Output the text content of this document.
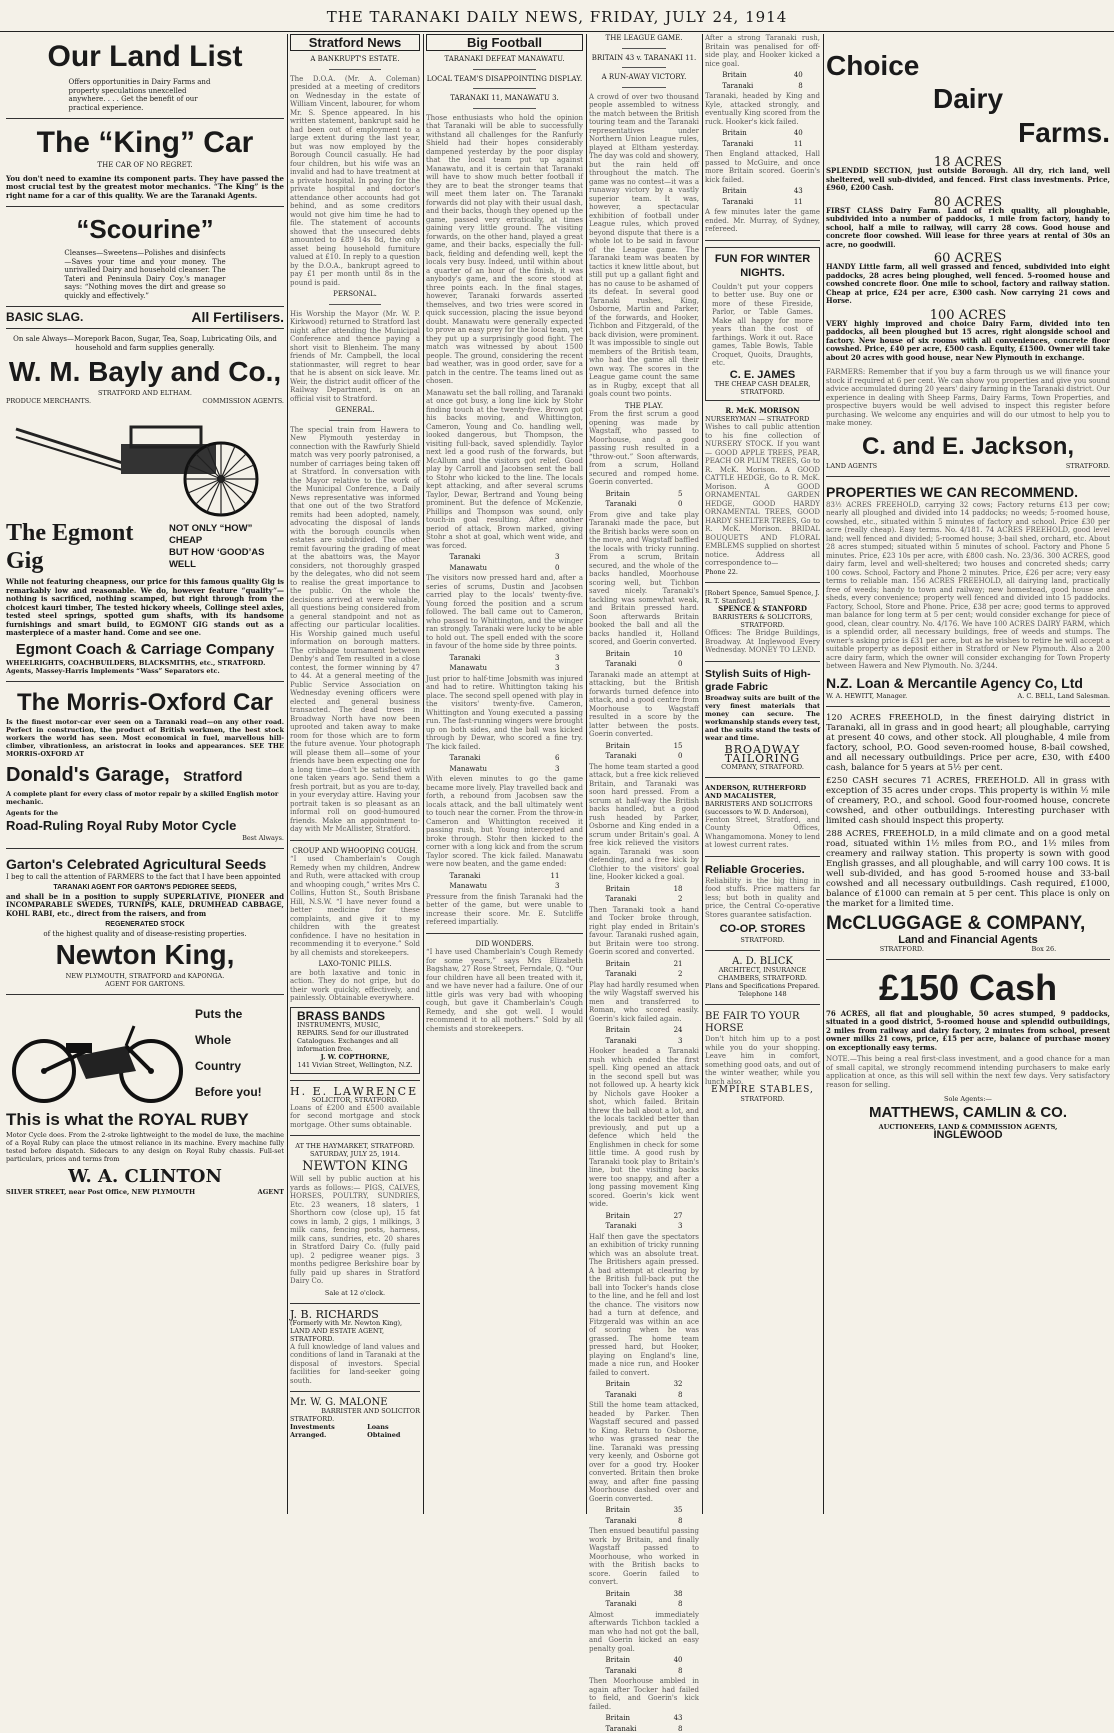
THE TARANAKI DAILY NEWS, FRIDAY, JULY 24, 1914
Our Land List
Offers opportunities in Dairy Farms and property speculations unexcelled anywhere. . . . Get the benefit of our practical experience.
The “King” Car
THE CAR OF NO REGRET.
You don't need to examine its component parts. They have passed the most crucial test by the greatest motor mechanics. “The King” is the right name for a car of this quality. We are the Taranaki Agents.
“Scourine”
Cleanses—Sweetens—Polishes and disinfects—Saves your time and your money. The unrivalled Dairy and household cleanser. The Tateri and Peninsula Dairy Coy.'s manager says: “Nothing moves the dirt and grease so quickly and effectively.”
BASIC SLAG.	All Fertilisers.
On sale Always—Morepork Bacon, Sugar, Tea, Soap, Lubricating Oils, and household and farm supplies generally.
W. M. Bayly and Co.,
STRATFORD AND ELTHAM.
PRODUCE MERCHANTS.	COMMISSION AGENTS.
The Egmont Gig
NOT ONLY “HOW” CHEAP
BUT HOW ‘GOOD’AS WELL
While not featuring cheapness, our price for this famous quality Gig is remarkably low and reasonable. We do, however feature “quality”—nothing is sacrificed, nothing scamped, but right through from the choicest kauri timber, The tested hickory wheels, Collinge steel axles, tested steel springs, spotted gum shafts, with its handsome furnishings and smart build, to EGMONT GIG stands out as a masterpiece of a master hand. Come and see one.
Egmont Coach & Carriage Company
WHEELRIGHTS, COACHBUILDERS, BLACKSMITHS, etc., STRATFORD.
Agents, Massey-Harris Implements “Wass” Separators etc.
The Morris-Oxford Car
Is the finest motor-car ever seen on a Taranaki road—on any other road. Perfect in construction, the product of British workmen, the best stock workers the world has seen. Most economical in fuel, marvellous hill-climber, vibrationless, an aristocrat in looks and appearances. SEE THE MORRIS-OXFORD AT
Donald's Garage, Stratford
A complete plant for every class of motor repair by a skilled English motor mechanic.
Agents for the
Road-Ruling Royal Ruby Motor Cycle
Best Always.
Garton's Celebrated Agricultural Seeds
I beg to call the attention of FARMERS to the fact that I have been appointed
TARANAKI AGENT FOR GARTON'S PEDIGREE SEEDS,
and shall be in a position to supply SUPERLATIVE, PIONEER and INCOMPARABLE SWEDES, TURNIPS, KALE, DRUMHEAD CABBAGE, KOHL RABI, etc., direct from the raisers, and from
REGENERATED STOCK
of the highest quality and of disease-resisting properties.
Newton King,
NEW PLYMOUTH, STRATFORD and KAPONGA.
AGENT FOR GARTONS.
Puts the
Whole
Country
Before you!
This is what the ROYAL RUBY
Motor Cycle does. From the 2-stroke lightweight to the model de luxe, the machine of a Royal Ruby can place the utmost reliance in its machine. Every machine fully tested before dispatch. Sidecars to any design on Royal Ruby chassis. Full-set particulars, prices and terms from
W. A. CLINTON
SILVER STREET, near Post Office, NEW PLYMOUTH	AGENT
Stratford News
A BANKRUPT'S ESTATE.
The D.O.A. (Mr. A. Coleman) presided at a meeting of creditors on Wednesday in the estate of William Vincent, labourer, for whom Mr. S. Spence appeared. In his written statement, bankrupt said he had been out of employment to a large extent during the last year, but was now employed by the Borough Council casually. He had four children, but his wife was an invalid and had to have treatment at a private hospital. In paying for the private hospital and doctor's attendance other accounts had got behind, and as some creditors would not give him time he had to file. The statement of accounts showed that the unsecured debts amounted to £89 14s 8d, the only asset being household furniture valued at £10. In reply to a question by the D.O.A., bankrupt agreed to pay £1 per month until 8s in the pound is paid.
PERSONAL.
His Worship the Mayor (Mr. W. P. Kirkwood) returned to Stratford last night after attending the Municipal Conference and thence paying a short visit to Blenheim. The many friends of Mr. Campbell, the local stationmaster, will regret to hear that he is absent on sick leave. Mr. Weir, the district audit officer of the Railway Department, is on an official visit to Stratford.
GENERAL.
The special train from Hawera to New Plymouth yesterday in connection with the Rawfurly Shield match was very poorly patronised, a number of carriages being taken off at Stratford. In conversation with the Mayor relative to the work of the Municipal Conference, a Daily News representative was informed that one out of the two Stratford remits had been adopted, namely, advocating the disposal of lands with the borough councils when estates are subdivided. The other remit favouring the grading of meat at the abattoirs was, the Mayor considers, not thoroughly grasped by the delegates, who did not seem to realise the great importance to the public. On the whole the decisions arrived at were valuable, all questions being considered from a general standpoint and not as affecting our particular localities. His Worship gained much useful information on borough matters. The cribbage tournament between Denby's and Tem resulted in a close contest, the former winning by 47 to 44. At a general meeting of the Public Service Association on Wednesday evening officers were elected and general business transacted. The dead trees in Broadway North have now been uprooted and taken away to make room for those which are to form the future avenue. Your photograph will please them all—some of your friends have been expecting one for a long time—don't be satisfied with one taken years ago. Send them a fresh portrait, but as you are to-day, in your everyday attire. Having your portrait taken is so pleasant as an informal roll on good-humoured friends. Make an appointment to-day with Mr McAllister, Stratford.
CROUP AND WHOOPING COUGH.
“I used Chamberlain's Cough Remedy when my children, Andrew and Ruth, were attacked with croup and whooping cough,” writes Mrs C. Collins, Hutton St., South Brisbane Hill, N.S.W. “I have never found a better medicine for these complaints, and give it to my children with the greatest confidence. I have no hesitation in recommending it to everyone.” Sold by all chemists and storekeepers.
LAXO-TONIC PILLS.
are both laxative and tonic in action. They do not gripe, but do their work quickly, effectively, and painlessly. Obtainable everywhere.
BRASS BANDS
INSTRUMENTS, MUSIC, REPAIRS. Send for our illustrated Catalogues. Exchanges and all information free.
J. W. COPTHORNE,
141 Vivian Street, Wellington, N.Z.
H. E. LAWRENCE
SOLICITOR, STRATFORD.
Loans of £200 and £500 available for second mortgage and stock mortgage. Other sums obtainable.
AT THE HAYMARKET, STRATFORD.
SATURDAY, JULY 25, 1914.
NEWTON KING
Will sell by public auction at his yards as follows:— PIGS, CALVES, HORSES, POULTRY, SUNDRIES, Etc. 23 weaners, 18 slaters, 1 Shorthorn cow (close up), 15 fat cows in lamb, 2 gigs, 1 milkings, 3 milk cans, fencing posts, harness, milk cans, sundries, etc. 20 shares in Stratford Dairy Co. (fully paid up). 2 pedigree weaner pigs. 3 months pedigree Berkshire boar by fully paid up shares in Stratford Dairy Co.
Sale at 12 o'clock.
J. B. RICHARDS
(Formerly with Mr. Newton King), LAND AND ESTATE AGENT, STRATFORD.
A full knowledge of land values and conditions of land in Taranaki at the disposal of investors. Special facilities for land-seeker going south.
Mr. W. G. MALONE
BARRISTER AND SOLICITOR
STRATFORD.
Investments Arranged.
Loans Obtained
Big Football
TARANAKI DEFEAT MANAWATU.
LOCAL TEAM'S DISAPPOINTING DISPLAY.
TARANAKI 11, MANAWATU 3.
Those enthusiasts who hold the opinion that Taranaki will be able to successfully withstand all challenges for the Ranfurly Shield had their hopes considerably dampened yesterday by the poor display that the local team put up against Manawatu, and it is certain that Taranaki will have to show much better football if they are to beat the stronger teams that will meet them later on. The Taranaki forwards did not play with their usual dash, and their backs, though they opened up the game, passed very erratically, at times gaining very little ground. The visiting forwards, on the other hand, played a great game, and their backs, especially the full-back, fielding and defending well, kept the locals very busy. Indeed, until within about a quarter of an hour of the finish, it was anybody's game, and the score stood at three points each. In the final stages, however, Taranaki forwards asserted themselves, and two tries were scored in quick succession, placing the issue beyond doubt. Manawatu were generally expected to prove an easy prey for the local team, yet they put up a surprisingly good fight. The match was witnessed by about 1500 people. The ground, considering the recent bad weather, was in good order, save for a patch in the centre. The teams lined out as chosen.
Manawatu set the ball rolling, and Taranaki at once got busy, a long line kick by Stohr finding touch at the twenty-five. Brown got his backs moving, and Whittington, Cameron, Young and Co. handling well, looked dangerous, but Thompson, the visiting full-back, saved splendidly. Taylor next led a good rush of the forwards, but McAllum and the visitors got relief. Good play by Carroll and Jacobsen sent the ball to Stohr who kicked to the line. The locals kept attacking, and after several scrums Taylor, Dewar, Bertrand and Young being prominent. But the defence of McKenzie, Phillips and Thompson was sound, only touch-in goal resulting. After another period of attack, Brown marked, giving Stohr a shot at goal, which went wide, and was forced.
Taranaki	3
Manawatu	0
The visitors now pressed hard and, after a series of scrums, Dustin and Jacobsen carried play to the locals' twenty-five. Young forced the position and a scrum followed. The ball came out to Cameron, who passed to Whittington, and the winger ran strongly. Taranaki were lucky to be able to hold out. The spell ended with the score in favour of the home side by three points.
Taranaki	3
Manawatu	3
Just prior to half-time Jobsmith was injured and had to retire. Whittington taking his place. The second spell opened with play in the visitors' twenty-five. Cameron, Whittington and Young executed a passing run. The fast-running wingers were brought up on both sides, and the ball was kicked through by Dewar, who scored a fine try. The kick failed.
Taranaki	6
Manawatu	3
With eleven minutes to go the game became more lively. Play travelled back and forth, a rebound from Jacobsen saw the locals attack, and the ball ultimately went to touch near the corner. From the throw-in Cameron and Whittington received it passing rush, but Young intercepted and broke through. Stohr then kicked to the corner with a long kick and from the scrum Taylor scored. The kick failed. Manawatu were now beaten, and the game ended:
Taranaki	11
Manawatu	3
Pressure from the finish Taranaki had the better of the game, but were unable to increase their score. Mr. E. Sutcliffe refereed impartially.
DID WONDERS.
“I have used Chamberlain's Cough Remedy for some years,” says Mrs Elizabeth Bagshaw, 27 Rose Street, Ferndale, Q. “Our four children have all been treated with it, and we have never had a failure. One of our little girls was very bad with whooping cough, but gave it Chamberlain's Cough Remedy, and she got well. I would recommend it to all mothers.” Sold by all chemists and storekeepers.
THE LEAGUE GAME.
BRITAIN 43 v. TARANAKI 11.
A RUN-AWAY VICTORY.
A crowd of over two thousand people assembled to witness the match between the British touring team and the Taranaki representatives under Northern Union League rules, played at Eltham yesterday. The day was cold and showery, but the rain held off throughout the match. The game was no contest—it was a runaway victory by a vastly superior team. It was, however, a spectacular exhibition of football under League rules, which proved beyond dispute that there is a whole lot to be said in favour of the League game. The Taranaki team was beaten by tactics it knew little about, but still put up a gallant fight and has no cause to be ashamed of its defeat. In several good Taranaki rushes, King, Osborne, Martin and Parker, of the forwards, and Hooker, Tichbon and Fitzgerald, of the back division, were prominent. It was impossible to single out members of the British team, who had the game all their own way. The scores in the League game count the same as in Rugby, except that all goals count two points.
THE PLAY.
From the first scrum a good opening was made by Wagstaff, who passed to Moorhouse, and a good passing rush resulted in a “throw-out.” Soon afterwards, from a scrum, Holland secured and romped home. Goerin converted.
Britain	5
Taranaki	0
From give and take play Taranaki made the pace, but the British backs were soon on the move, and Wagstaff baffled the locals with tricky running. From a scrum, Britain secured, and the whole of the backs handled, Moorhouse scoring well, but Tichbon saved nicely. Taranaki's tackling was somewhat weak, and Britain pressed hard. Soon afterwards Britain booked the ball and all the backs handled it, Holland scored, and Goerin converted.
Britain	10
Taranaki	0
Taranaki made an attempt at attacking, but the British forwards turned defence into attack, and a good centre from Moorhouse to Wagstaff resulted in a score by the latter between the posts. Goerin converted.
Britain	15
Taranaki	0
The home team started a good attack, but a free kick relieved Britain, and Taranaki was soon hard pressed. From a scrum at half-way the British backs handled, but a good rush headed by Parker, Osborne and King ended in a scrum under Britain's goal. A free kick relieved the visitors again. Taranaki was soon defending, and a free kick by Clothier to the visitors' goal line, Hooker kicked a goal.
Britain	18
Taranaki	2
Then Taranaki took a hand and Tocker broke through, right play ended in Britain's favour. Taranaki rushed again, but Britain were too strong. Goerin scored and converted.
Britain	21
Taranaki	2
Play had hardly resumed when the wily Wagstaff swerved his men and transferred to Roman, who scored easily. Goerin's kick failed again.
Britain	24
Taranaki	3
Hooker headed a Taranaki rush which ended the first spell. King opened an attack in the second spell but was not followed up. A hearty kick by Nichols gave Hooker a shot, which failed. Britain threw the ball about a lot, and the locals tackled better than previously, and put up a defence which held the Englishmen in check for some little time. A good rush by Taranaki took play to Britain's line, but the visiting backs were too snappy, and after a long passing movement King scored. Goerin's kick went wide.
Britain	27
Taranaki	3
Half then gave the spectators an exhibition of tricky running which was an absolute treat. The Britishers again pressed. A bad attempt at clearing by the British full-back put the ball into Tocker's hands close to the line, and he fell and lost the chance. The visitors now had a turn at defence, and Fitzgerald was within an ace of scoring when he was grassed. The home team pressed hard, but Hooker, playing on England's line, made a nice run, and Hooker failed to convert.
Britain	32
Taranaki	8
Still the home team attacked, headed by Parker. Then Wagstaff secured and passed to King. Return to Osborne, who was grassed near the line. Taranaki was pressing very keenly, and Osborne got over for a good try. Hooker converted. Britain then broke away, and after fine passing Moorhouse dashed over and Goerin converted.
Britain	35
Taranaki	8
Then ensued beautiful passing work by Britain, and finally Wagstaff passed to Moorhouse, who worked in with the British backs to score. Goerin failed to convert.
Britain	38
Taranaki	8
Almost immediately afterwards Tichbon tackled a man who had not got the ball, and Goerin kicked an easy penalty goal.
Britain	40
Taranaki	8
Then Moorhouse ambled in again after Tocker had failed to field, and Goerin's kick failed.
Britain	43
Taranaki	8
After a strong Taranaki rush, Britain was penalised for off-side play, and Hooker kicked a nice goal.
Britain	40
Taranaki	8
Taranaki, headed by King and Kyle, attacked strongly, and eventually King scored from the ruck. Hooker's kick failed.
Britain	40
Taranaki	11
Then England attacked, Hall passed to McGuire, and once more Britain scored. Goerin's kick failed.
Britain	43
Taranaki	11
A few minutes later the game ended. Mr. Murray, of Sydney, refereed.
FUN FOR WINTER NIGHTS.
Couldn't put your coppers to better use. Buy one or more of these Fireside, Parlor, or Table Games. Make all happy for more years than the cost of farthings. Work it out. Race games, Table Bowls, Table Croquet, Quoits, Draughts, etc.
C. E. JAMES
THE CHEAP CASH DEALER, STRATFORD.
R. McK. MORISON
NURSERYMAN — STRATFORD
Wishes to call public attention to his fine collection of NURSERY STOCK. If you want— GOOD APPLE TREES, PEAR, PEACH OR PLUM TREES, Go to R. McK. Morison. A GOOD CATTLE HEDGE, Go to R. McK. Morison. A GOOD ORNAMENTAL GARDEN HEDGE, GOOD HARDY ORNAMENTAL TREES, GOOD HARDY SHELTER TREES, Go to R. McK. Morison. BRIDAL BOUQUETS AND FLORAL EMBLEMS supplied on shortest notice. Address all correspondence to—
Phone 22.
[Robert Spence, Samuel Spence, J. R. T. Stanford.]
SPENCE & STANFORD
BARRISTERS & SOLICITORS, STRATFORD.
Offices: The Bridge Buildings, Broadway. At Inglewood Every Wednesday. MONEY TO LEND.
Stylish Suits of High-grade Fabric
Broadway suits are built of the very finest materials that money can secure. The workmanship stands every test, and the suits stand the tests of wear and time.
BROADWAY TAILORING
COMPANY, STRATFORD.
ANDERSON, RUTHERFORD AND MACALISTER,
BARRISTERS AND SOLICITORS (successors to W. D. Anderson),
Fenton Street, Stratford, and County Offices, Whangamomona. Money to lend at lowest current rates.
Reliable Groceries.
Reliability is the big thing in food stuffs. Price matters far less; but both in quality and price, the Central Co-operative Stores guarantee satisfaction.
CO-OP. STORES
STRATFORD.
A. D. BLICK
ARCHITECT, INSURANCE CHAMBERS, STRATFORD.
Plans and Specifications Prepared. Telephone 148
BE FAIR TO YOUR HORSE
Don't hitch him up to a post while you do your shopping. Leave him in comfort, something good oats, and out of the winter weather, while you lunch also.
EMPIRE STABLES,
STRATFORD.
Choice
Dairy
Farms.
18 ACRES
SPLENDID SECTION, just outside Borough. All dry, rich land, well sheltered, well sub-divided, and fenced. First class investments. Price, £960, £200 Cash.
80 ACRES
FIRST CLASS Dairy Farm. Land of rich quality, all ploughable, subdivided into a number of paddocks, 1 mile from factory, handy to school, half a mile to railway, will carry 28 cows. Good house and concrete floor cowshed. Will lease for three years at rental of 30s an acre, no goodwill.
60 ACRES
HANDY Little farm, all well grassed and fenced, subdivided into eight paddocks, 28 acres being ploughed, well fenced. 5-roomed house and cowshed concrete floor. One mile to school, factory and railway station. Cheap at price, £24 per acre, £300 cash. Now carrying 21 cows and Horse.
100 ACRES
VERY highly improved and choice Dairy Farm, divided into ten paddocks, all been ploughed but 15 acres, right alongside school and factory. New house of six rooms with all conveniences, concrete floor cowshed. Price, £40 per acre, £500 cash. Equity, £1500. Owner will take about 20 acres with good house, near New Plymouth in exchange.
FARMERS: Remember that if you buy a farm through us we will finance your stock if required at 6 per cent. We can show you properties and give you sound advice accumulated during 20 years' dairy farming in the Taranaki district. Our experience in dealing with Sheep Farms, Dairy Farms, Town Properties, and prospective buyers would be well advised to inspect this register before purchasing. We welcome any enquiries and will do our utmost to help you to make money.
C. and E. Jackson,
LAND AGENTS	STRATFORD.
PROPERTIES WE CAN RECOMMEND.
83½ ACRES FREEHOLD, carrying 32 cows; Factory returns £13 per cow; nearly all ploughed and divided into 14 paddocks; no weeds; 5-roomed house, cowshed, etc., situated within 5 minutes of factory and school. Price £30 per acre (really cheap). Easy terms. No. 4/181. 74 ACRES FREEHOLD, good level land; well fenced and divided; 5-roomed house; 3-bail shed, orchard, etc. About 28 acres stumped; situated within 5 minutes of school. Factory and Phone 5 minutes. Price, £23 10s per acre, with £800 cash. No. 23/36. 300 ACRES, good dairy farm, level and well-sheltered; two houses and concreted sheds; carry 100 cows. School, Factory and Phone 2 minutes. Price, £26 per acre; very easy terms to reliable man. 156 ACRES FREEHOLD, all dairying land, practically free of weeds; handy to town and railway; new homestead, good house and sheds, every convenience; property well fenced and divided into 15 paddocks. Factory, School, Store and Phone. Price, £38 per acre; good terms to approved man balance for long term at 5 per cent; would consider exchange for piece of good, clean, clear country. No. 4/176. We have 100 ACRES DAIRY FARM, which is a splendid order, all necessary buildings, free of weeds and stumps. The owner's asking price is £31 per acre, but as he wishes to retire he will accept a suitable property as deposit either in Stratford or New Plymouth. Also a 200 acre dairy farm, which the owner will consider exchanging for Town Property between Hawera and New Plymouth. No. 3/244.
N.Z. Loan & Mercantile Agency Co, Ltd
W. A. HEWITT, Manager.	A. C. BELL, Land Salesman.
120 ACRES FREEHOLD, in the finest dairying district in Taranaki, all in grass and in good heart; all ploughable, carrying at present 40 cows, and other stock. All ploughable, 4 mile from factory, school, P.O. Good seven-roomed house, 8-bail cowshed, and all necessary outbuildings. Price per acre, £30, with £400 cash, balance for 5 years at 5½ per cent.
£250 CASH secures 71 ACRES, FREEHOLD. All in grass with exception of 35 acres under crops. This property is within ½ mile of creamery, P.O., and school. Good four-roomed house, concrete cowshed, and other outbuildings. Interesting purchaser with limited cash should inspect this property.
288 ACRES, FREEHOLD, in a mild climate and on a good metal road, situated within 1½ miles from P.O., and 1½ miles from creamery and railway station. This property is sown with good English grasses, and all ploughable, and will carry 100 cows. It is well sub-divided, and has good 5-roomed house and 33-bail cowshed and all necessary outbuildings. Cash required, £1000, balance of £1000 can remain at 5 per cent. This place is only on the market for a limited time.
McCLUGGAGE & COMPANY,
Land and Financial Agents
STRATFORD.	Box 26.
£150 Cash
76 ACRES, all flat and ploughable, 50 acres stumped, 9 paddocks, situated in a good district, 5-roomed house and splendid outbuildings, 2 miles from railway and dairy factory, 2 minutes from school, present owner milks 21 cows, price, £15 per acre, balance of purchase money on exceptionally easy terms.
NOTE.—This being a real first-class investment, and a good chance for a man of small capital, we strongly recommend intending purchasers to make early application at once, as this will sell within the next few days. Very satisfactory reason for selling.
Sole Agents:—
MATTHEWS, CAMLIN & CO.
AUCTIONEERS, LAND & COMMISSION AGENTS,
INGLEWOOD
